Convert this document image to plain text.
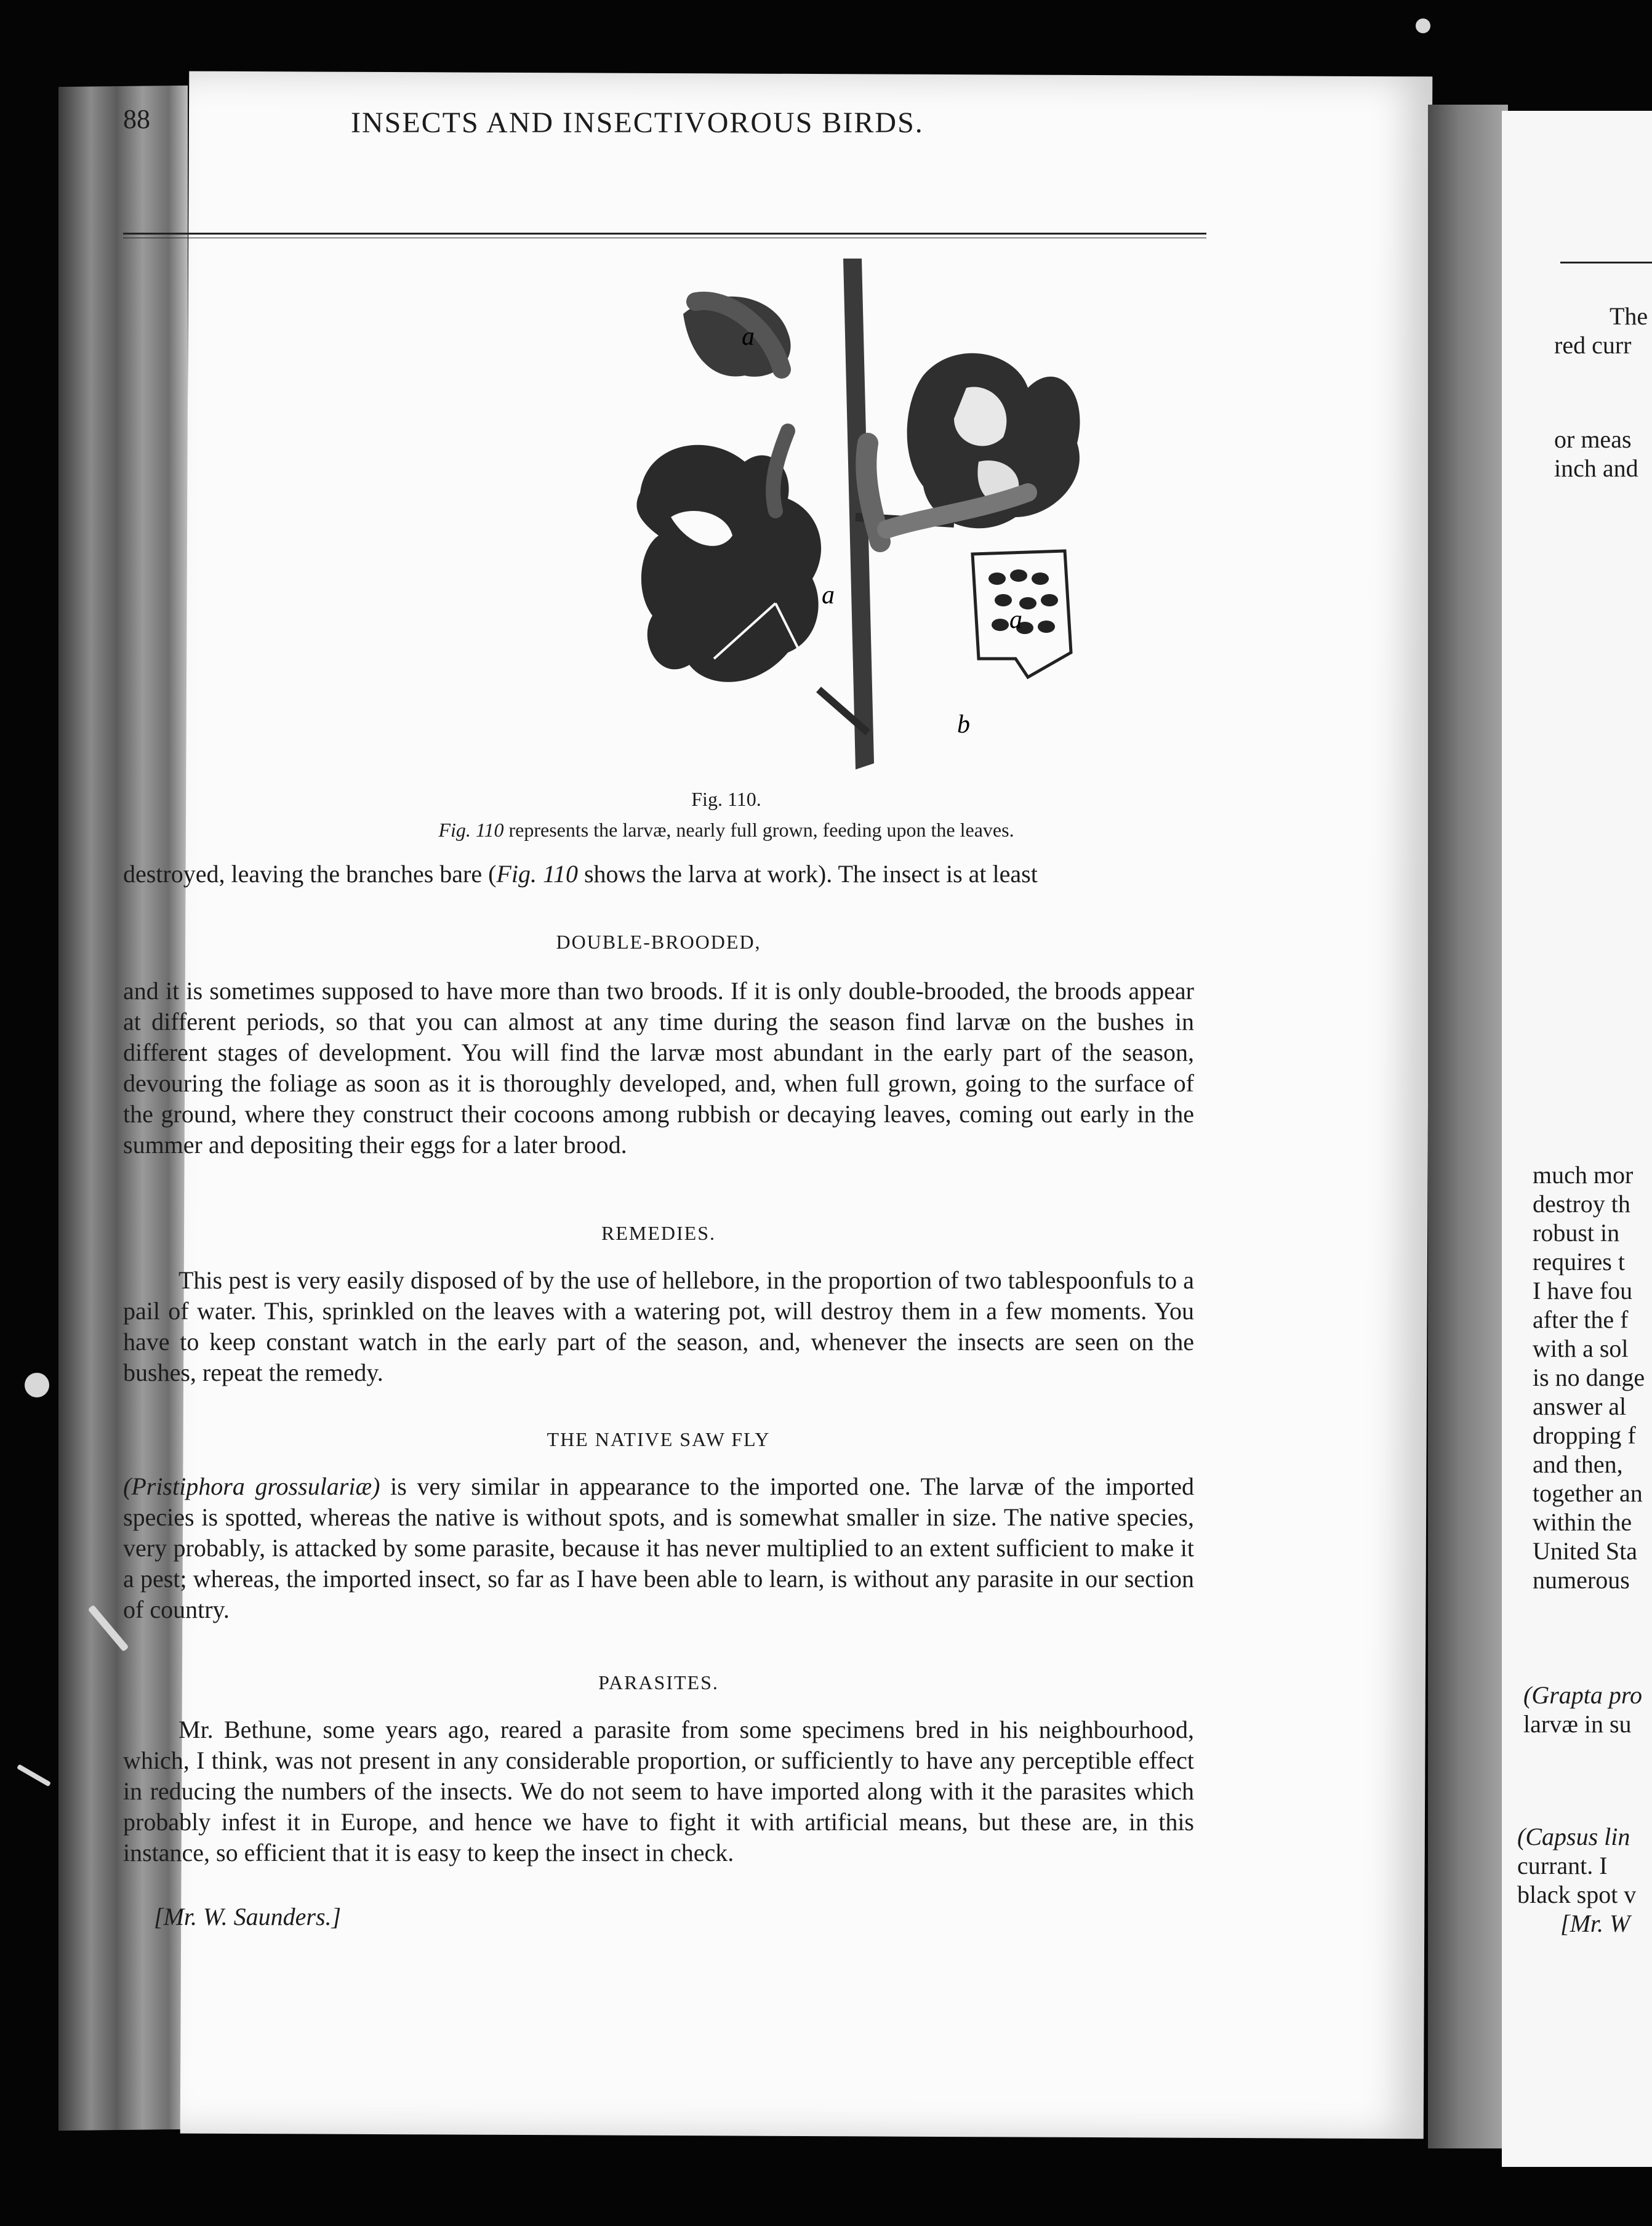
88	INSECTS AND INSECTIVOROUS BIRDS.
a
a
a
b
Fig. 110.
Fig. 110 represents the larvæ, nearly full grown, feeding upon the leaves.
destroyed, leaving the branches bare (Fig. 110 shows the larva at work). The insect is at least
DOUBLE-BROODED,
and it is sometimes supposed to have more than two broods. If it is only double-brooded, the broods appear at different periods, so that you can almost at any time during the season find larvæ on the bushes in different stages of development. You will find the larvæ most abundant in the early part of the season, devouring the foliage as soon as it is thoroughly developed, and, when full grown, going to the surface of the ground, where they construct their cocoons among rubbish or decaying leaves, coming out early in the summer and depositing their eggs for a later brood.
REMEDIES.
This pest is very easily disposed of by the use of hellebore, in the proportion of two tablespoonfuls to a pail of water. This, sprinkled on the leaves with a watering pot, will destroy them in a few moments. You have to keep constant watch in the early part of the season, and, whenever the insects are seen on the bushes, repeat the remedy.
THE NATIVE SAW FLY
(Pristiphora grossulariæ) is very similar in appearance to the imported one. The larvæ of the imported species is spotted, whereas the native is without spots, and is somewhat smaller in size. The native species, very probably, is attacked by some parasite, because it has never multiplied to an extent sufficient to make it a pest; whereas, the imported insect, so far as I have been able to learn, is without any parasite in our section of country.
PARASITES.
Mr. Bethune, some years ago, reared a parasite from some specimens bred in his neighbourhood, which, I think, was not present in any considerable proportion, or sufficiently to have any perceptible effect in reducing the numbers of the insects. We do not seem to have imported along with it the parasites which probably infest it in Europe, and hence we have to fight it with artificial means, but these are, in this instance, so efficient that it is easy to keep the insect in check.
[Mr. W. Saunders.]
The
red curr
or meas
inch and
much mor
destroy th
robust in
requires t
I have fou
after the f
with a sol
is no dange
answer al
dropping f
and then,
together an
within the
United Sta
numerous
(Grapta pro
larvæ in su
(Capsus lin
currant. I
black spot v
[Mr. W
